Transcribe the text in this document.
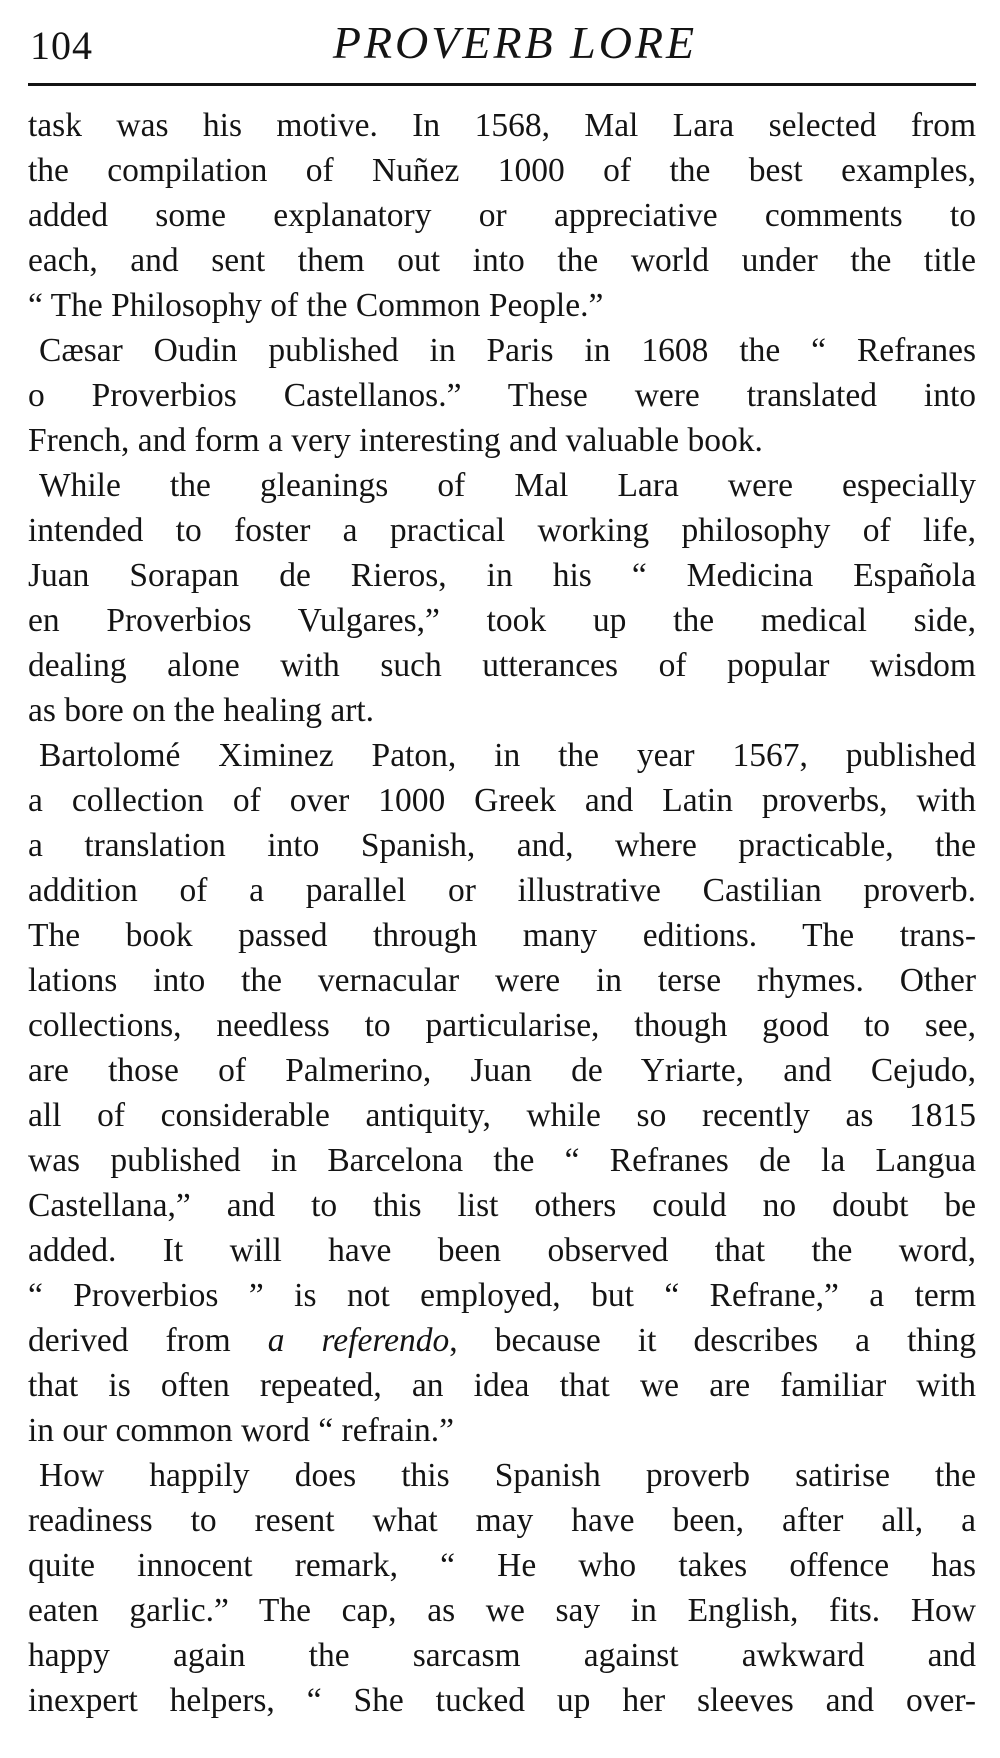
104	PROVERB LORE
task was his motive. In 1568, Mal Lara selected from
the compilation of Nuñez 1000 of the best examples,
added some explanatory or appreciative comments to
each, and sent them out into the world under the title
“ The Philosophy of the Common People.”
Cæsar Oudin published in Paris in 1608 the “ Refranes
o Proverbios Castellanos.” These were translated into
French, and form a very interesting and valuable book.
While the gleanings of Mal Lara were especially
intended to foster a practical working philosophy of life,
Juan Sorapan de Rieros, in his “ Medicina Española
en Proverbios Vulgares,” took up the medical side,
dealing alone with such utterances of popular wisdom
as bore on the healing art.
Bartolomé Ximinez Paton, in the year 1567, published
a collection of over 1000 Greek and Latin proverbs, with
a translation into Spanish, and, where practicable, the
addition of a parallel or illustrative Castilian proverb.
The book passed through many editions. The trans-
lations into the vernacular were in terse rhymes. Other
collections, needless to particularise, though good to see,
are those of Palmerino, Juan de Yriarte, and Cejudo,
all of considerable antiquity, while so recently as 1815
was published in Barcelona the “ Refranes de la Langua
Castellana,” and to this list others could no doubt be
added. It will have been observed that the word,
“ Proverbios ” is not employed, but “ Refrane,” a term
derived from a referendo, because it describes a thing
that is often repeated, an idea that we are familiar with
in our common word “ refrain.”
How happily does this Spanish proverb satirise the
readiness to resent what may have been, after all, a
quite innocent remark, “ He who takes offence has
eaten garlic.” The cap, as we say in English, fits. How
happy again the sarcasm against awkward and
inexpert helpers, “ She tucked up her sleeves and over-
